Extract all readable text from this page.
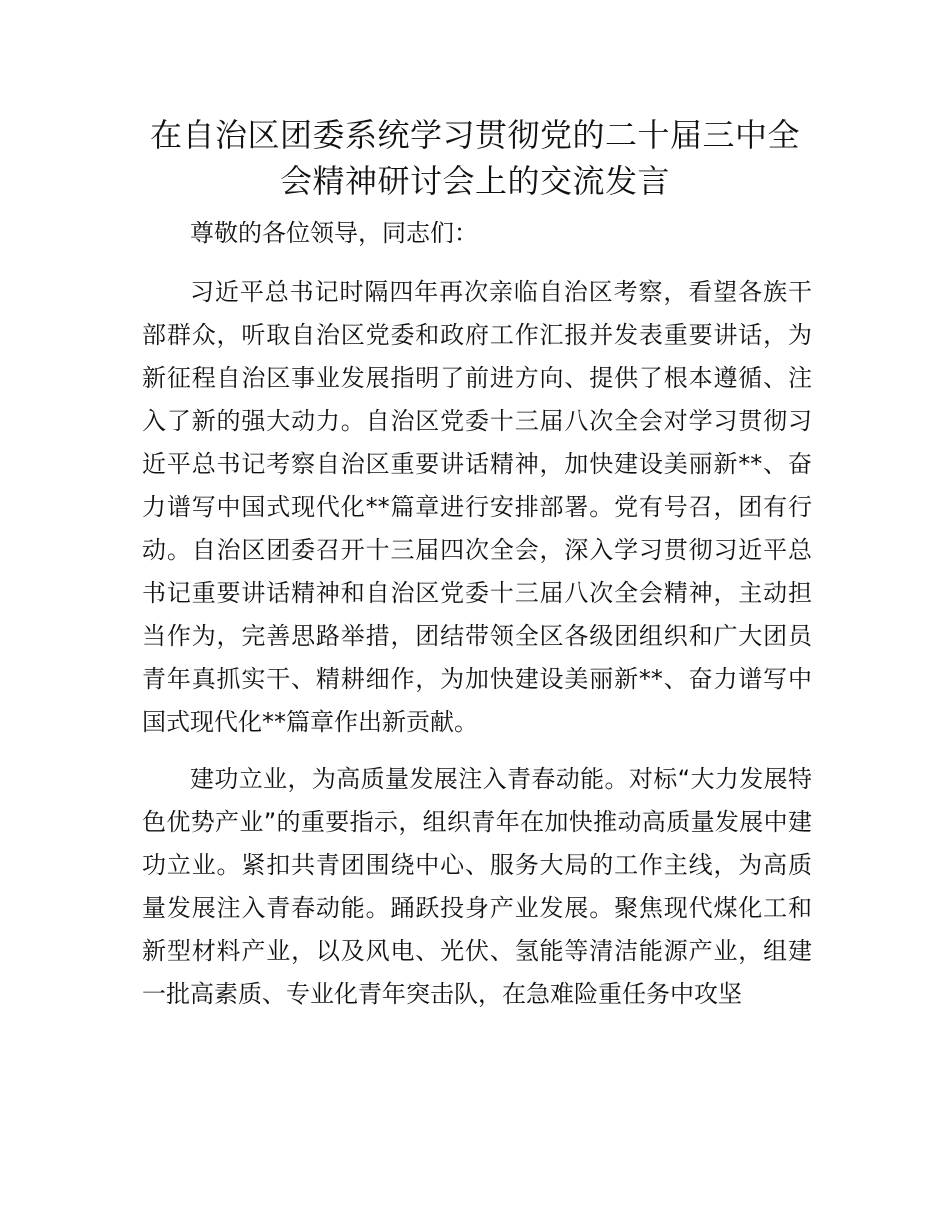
在自治区团委系统学习贯彻党的二十届三中全
会精神研讨会上的交流发言

尊敬的各位领导，同志们：

习近平总书记时隔四年再次亲临自治区考察，看望各族干部群众，听取自治区党委和政府工作汇报并发表重要讲话，为新征程自治区事业发展指明了前进方向、提供了根本遵循、注入了新的强大动力。自治区党委十三届八次全会对学习贯彻习近平总书记考察自治区重要讲话精神，加快建设美丽新**、奋力谱写中国式现代化**篇章进行安排部署。党有号召，团有行动。自治区团委召开十三届四次全会，深入学习贯彻习近平总书记重要讲话精神和自治区党委十三届八次全会精神，主动担当作为，完善思路举措，团结带领全区各级团组织和广大团员青年真抓实干、精耕细作，为加快建设美丽新**、奋力谱写中国式现代化**篇章作出新贡献。

建功立业，为高质量发展注入青春动能。对标“大力发展特色优势产业”的重要指示，组织青年在加快推动高质量发展中建功立业。紧扣共青团围绕中心、服务大局的工作主线，为高质量发展注入青春动能。踊跃投身产业发展。聚焦现代煤化工和新型材料产业，以及风电、光伏、氢能等清洁能源产业，组建一批高素质、专业化青年突击队，在急难险重任务中攻坚
